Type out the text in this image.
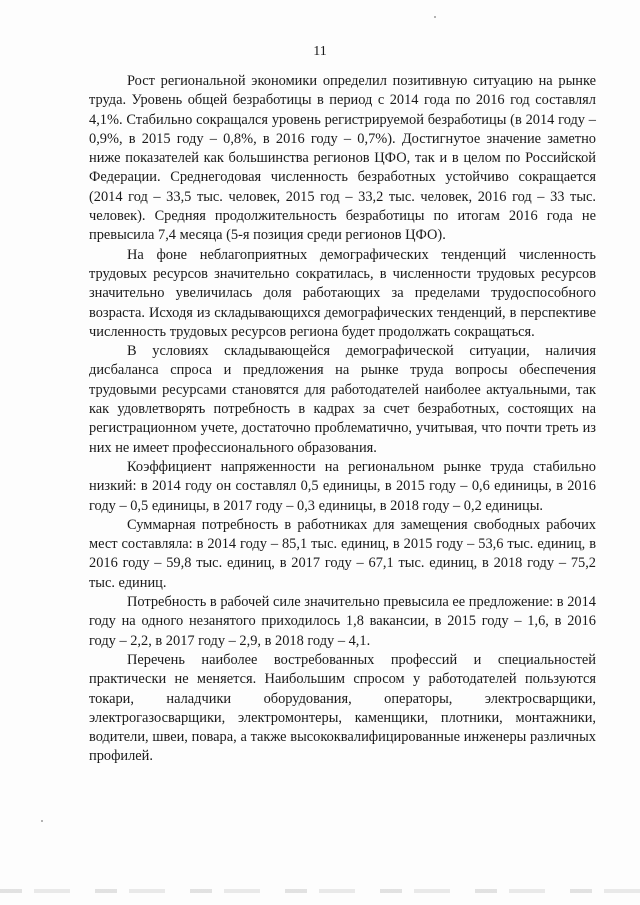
11

Рост региональной экономики определил позитивную ситуацию на рынке труда. Уровень общей безработицы в период с 2014 года по 2016 год составлял 4,1%. Стабильно сокращался уровень регистрируемой безработицы (в 2014 году – 0,9%, в 2015 году – 0,8%, в 2016 году – 0,7%). Достигнутое значение заметно ниже показателей как большинства регионов ЦФО, так и в целом по Российской Федерации. Среднегодовая численность безработных устойчиво сокращается (2014 год – 33,5 тыс. человек, 2015 год – 33,2 тыс. человек, 2016 год – 33 тыс. человек). Средняя продолжительность безработицы по итогам 2016 года не превысила 7,4 месяца (5-я позиция среди регионов ЦФО).

На фоне неблагоприятных демографических тенденций численность трудовых ресурсов значительно сократилась, в численности трудовых ресурсов значительно увеличилась доля работающих за пределами трудоспособного возраста. Исходя из складывающихся демографических тенденций, в перспективе численность трудовых ресурсов региона будет продолжать сокращаться.

В условиях складывающейся демографической ситуации, наличия дисбаланса спроса и предложения на рынке труда вопросы обеспечения трудовыми ресурсами становятся для работодателей наиболее актуальными, так как удовлетворять потребность в кадрах за счет безработных, состоящих на регистрационном учете, достаточно проблематично, учитывая, что почти треть из них не имеет профессионального образования.

Коэффициент напряженности на региональном рынке труда стабильно низкий: в 2014 году он составлял 0,5 единицы, в 2015 году – 0,6 единицы, в 2016 году – 0,5 единицы, в 2017 году – 0,3 единицы, в 2018 году – 0,2 единицы.

Суммарная потребность в работниках для замещения свободных рабочих мест составляла: в 2014 году – 85,1 тыс. единиц, в 2015 году – 53,6 тыс. единиц, в 2016 году – 59,8 тыс. единиц, в 2017 году – 67,1 тыс. единиц, в 2018 году – 75,2 тыс. единиц.

Потребность в рабочей силе значительно превысила ее предложение: в 2014 году на одного незанятого приходилось 1,8 вакансии, в 2015 году – 1,6, в 2016 году – 2,2, в 2017 году – 2,9, в 2018 году – 4,1.

Перечень наиболее востребованных профессий и специальностей практически не меняется. Наибольшим спросом у работодателей пользуются токари, наладчики оборудования, операторы, электросварщики, электрогазосварщики, электромонтеры, каменщики, плотники, монтажники, водители, швеи, повара, а также высококвалифицированные инженеры различных профилей.
